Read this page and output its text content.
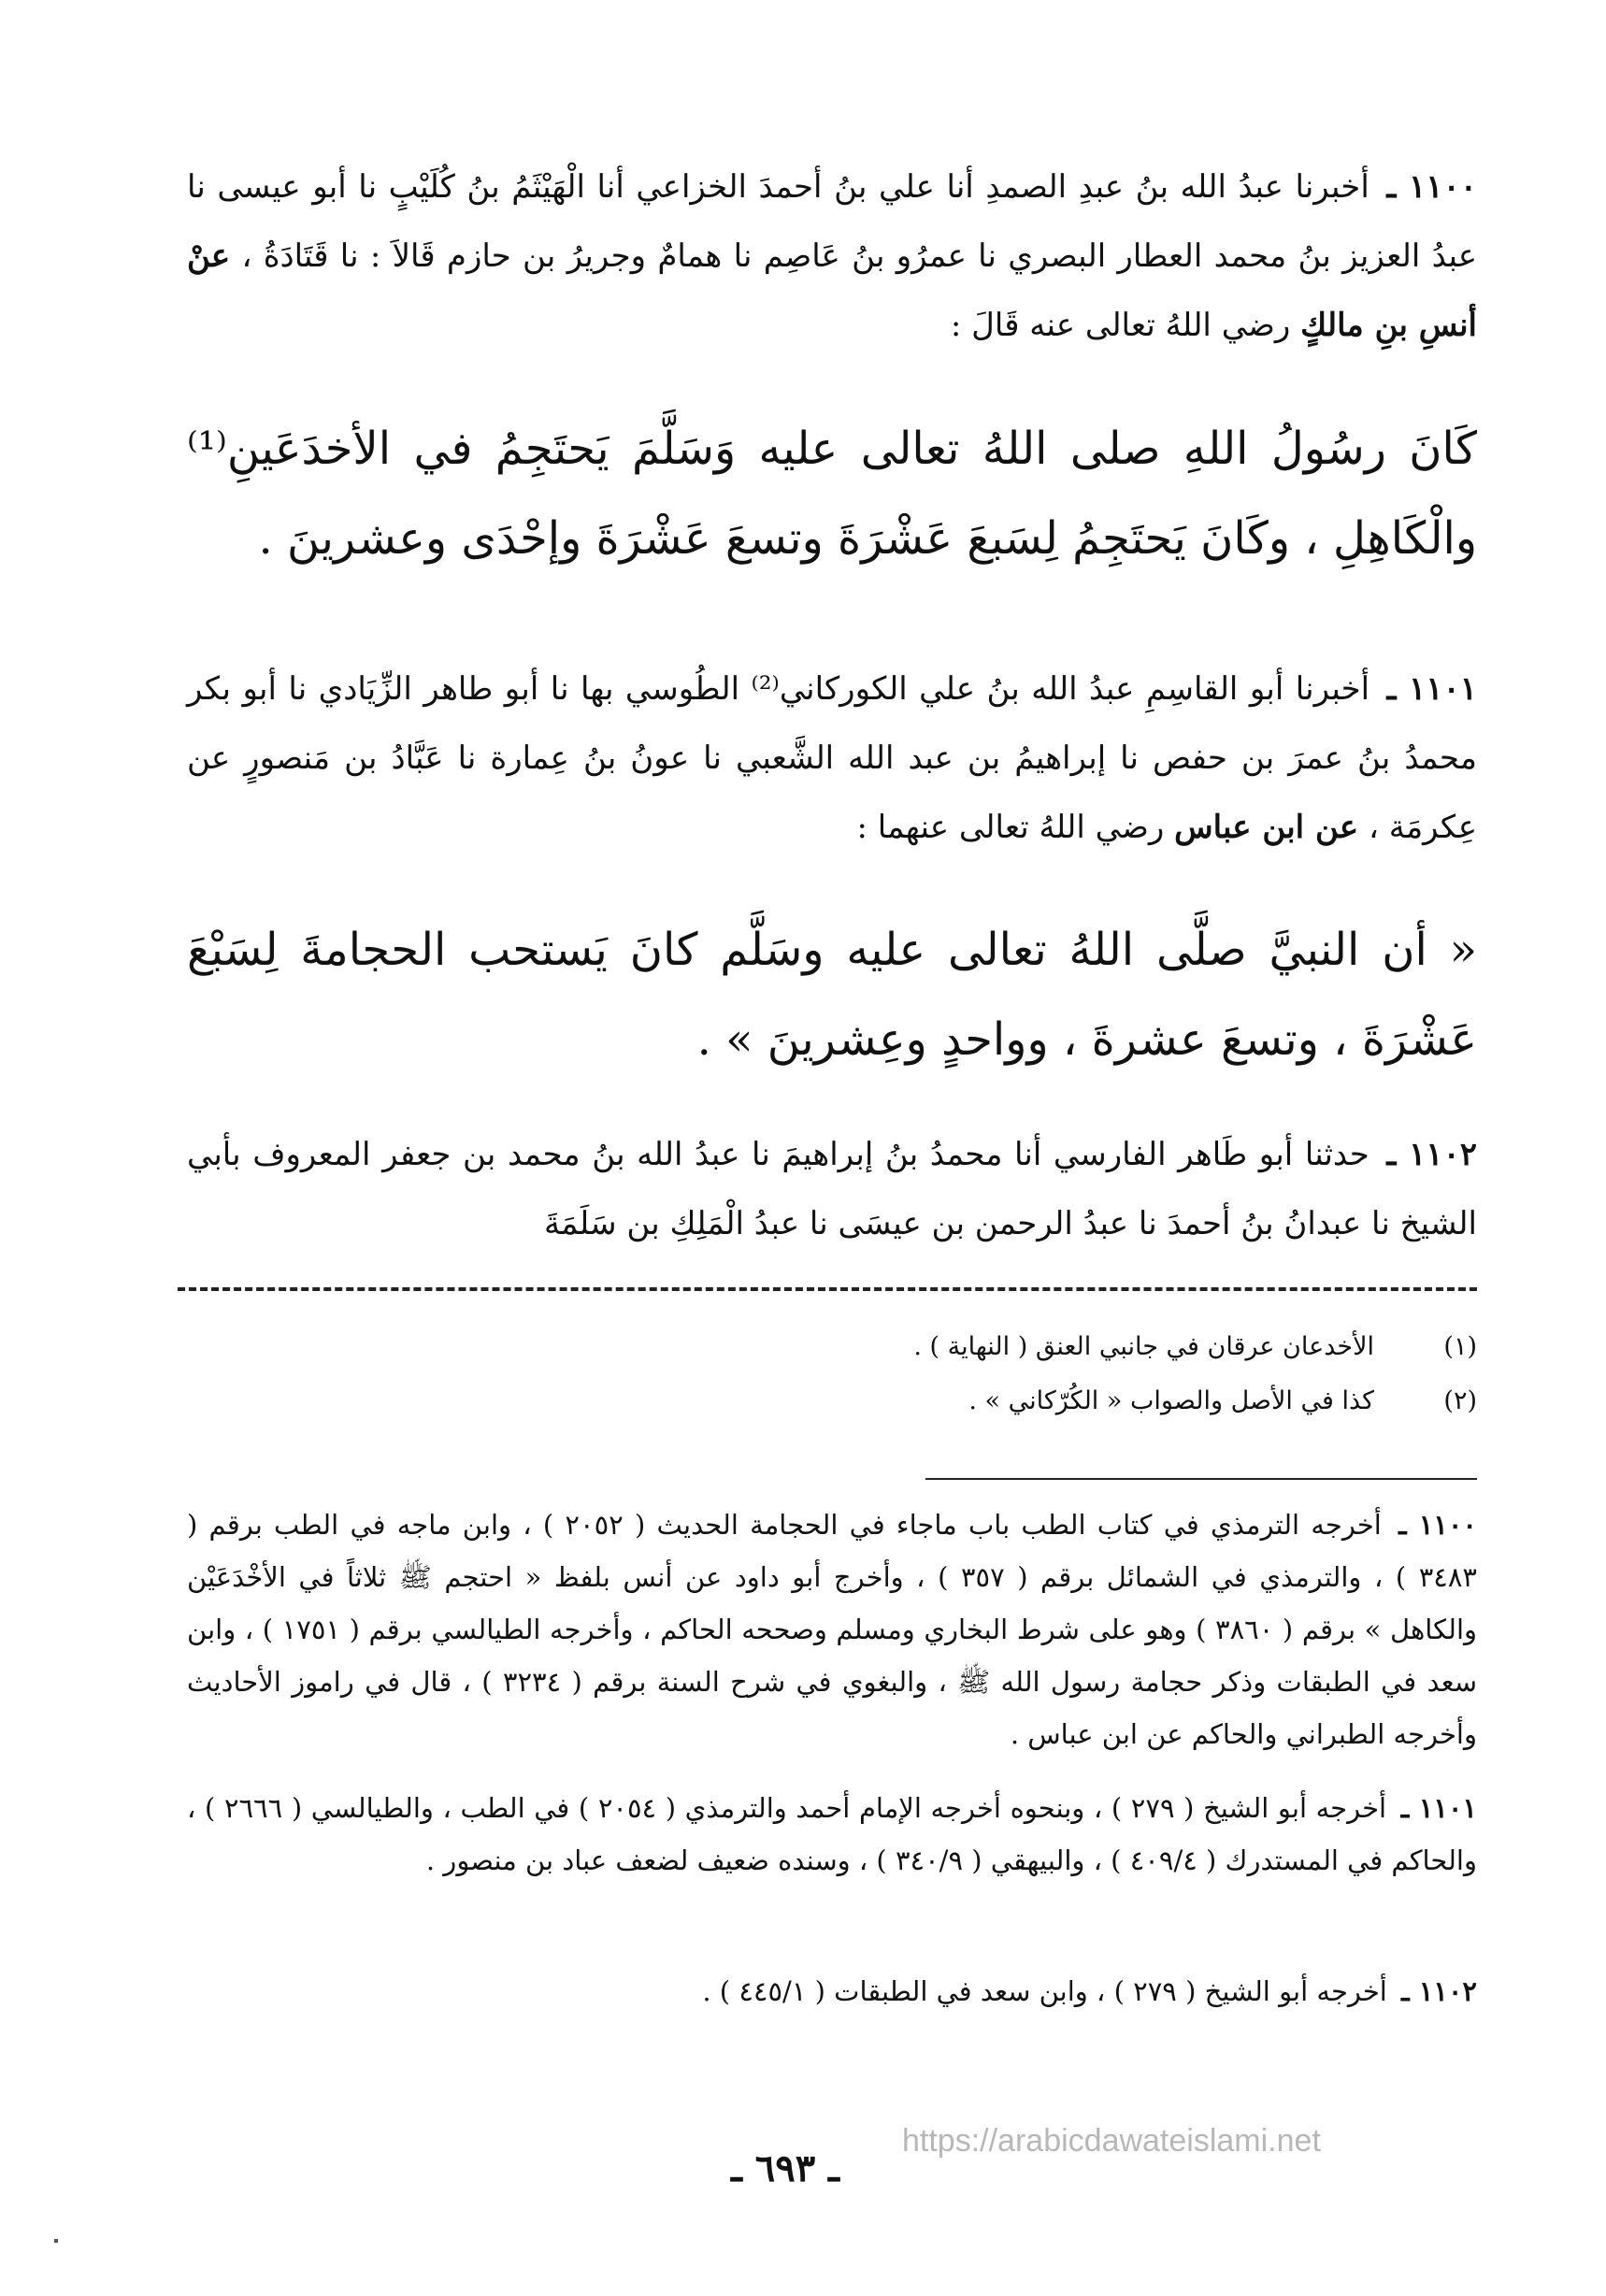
١١٠٠ ـ أخبرنا عبدُ الله بنُ عبدِ الصمدِ أنا علي بنُ أحمدَ الخزاعي أنا الْهَيْثَمُ بنُ كُلَيْبٍ نا أبو عيسى نا عبدُ العزيز بنُ محمد العطار البصري نا عمرُو بنُ عَاصِم نا همامٌ وجريرُ بن حازم قَالاَ : نا قَتَادَةُ ، عنْ أنسِ بنِ مالكٍ رضي اللهُ تعالى عنه قَالَ :
كَانَ رسُولُ اللهِ صلى اللهُ تعالى عليه وَسَلَّمَ يَحتَجِمُ في الأخدَعَينِ⁽¹⁾ والْكَاهِلِ ، وكَانَ يَحتَجِمُ لِسَبعَ عَشْرَةَ وتسعَ عَشْرَةَ وإحْدَى وعشرينَ .
١١٠١ ـ أخبرنا أبو القاسِمِ عبدُ الله بنُ علي الكوركاني⁽²⁾ الطُوسي بها نا أبو طاهر الزِّيَادي نا أبو بكر محمدُ بنُ عمرَ بن حفص نا إبراهيمُ بن عبد الله الشَّعبي نا عونُ بنُ عِمارة نا عَبَّادُ بن مَنصورٍ عن عِكرمَة ، عن ابن عباس رضي اللهُ تعالى عنهما :
« أن النبيَّ صلَّى اللهُ تعالى عليه وسَلَّم كانَ يَستحب الحجامةَ لِسَبْعَ عَشْرَةَ ، وتسعَ عشرةَ ، وواحدٍ وعِشرينَ » .
١١٠٢ ـ حدثنا أبو طَاهر الفارسي أنا محمدُ بنُ إبراهيمَ نا عبدُ الله بنُ محمد بن جعفر المعروف بأبي الشيخ نا عبدانُ بنُ أحمدَ نا عبدُ الرحمن بن عيسَى نا عبدُ الْمَلِكِ بن سَلَمَةَ
(١)
الأخدعان عرقان في جانبي العنق ( النهاية ) .
(٢)
كذا في الأصل والصواب « الكُرّكاني » .
١١٠٠ ـ أخرجه الترمذي في كتاب الطب باب ماجاء في الحجامة الحديث ( ٢٠٥٢ ) ، وابن ماجه في الطب برقم ( ٣٤٨٣ ) ، والترمذي في الشمائل برقم ( ٣٥٧ ) ، وأخرج أبو داود عن أنس بلفظ « احتجم ﷺ ثلاثاً في الأخْدَعَيْن والكاهل » برقم ( ٣٨٦٠ ) وهو على شرط البخاري ومسلم وصححه الحاكم ، وأخرجه الطيالسي برقم ( ١٧٥١ ) ، وابن سعد في الطبقات وذكر حجامة رسول الله ﷺ ، والبغوي في شرح السنة برقم ( ٣٢٣٤ ) ، قال في راموز الأحاديث وأخرجه الطبراني والحاكم عن ابن عباس .
١١٠١ ـ أخرجه أبو الشيخ ( ٢٧٩ ) ، وبنحوه أخرجه الإمام أحمد والترمذي ( ٢٠٥٤ ) في الطب ، والطيالسي ( ٢٦٦٦ ) ، والحاكم في المستدرك ( ٤٠٩/٤ ) ، والبيهقي ( ٣٤٠/٩ ) ، وسنده ضعيف لضعف عباد بن منصور .
١١٠٢ ـ أخرجه أبو الشيخ ( ٢٧٩ ) ، وابن سعد في الطبقات ( ٤٤٥/١ ) .
ـ ٦٩٣ ـ
https://arabicdawateislami.net
